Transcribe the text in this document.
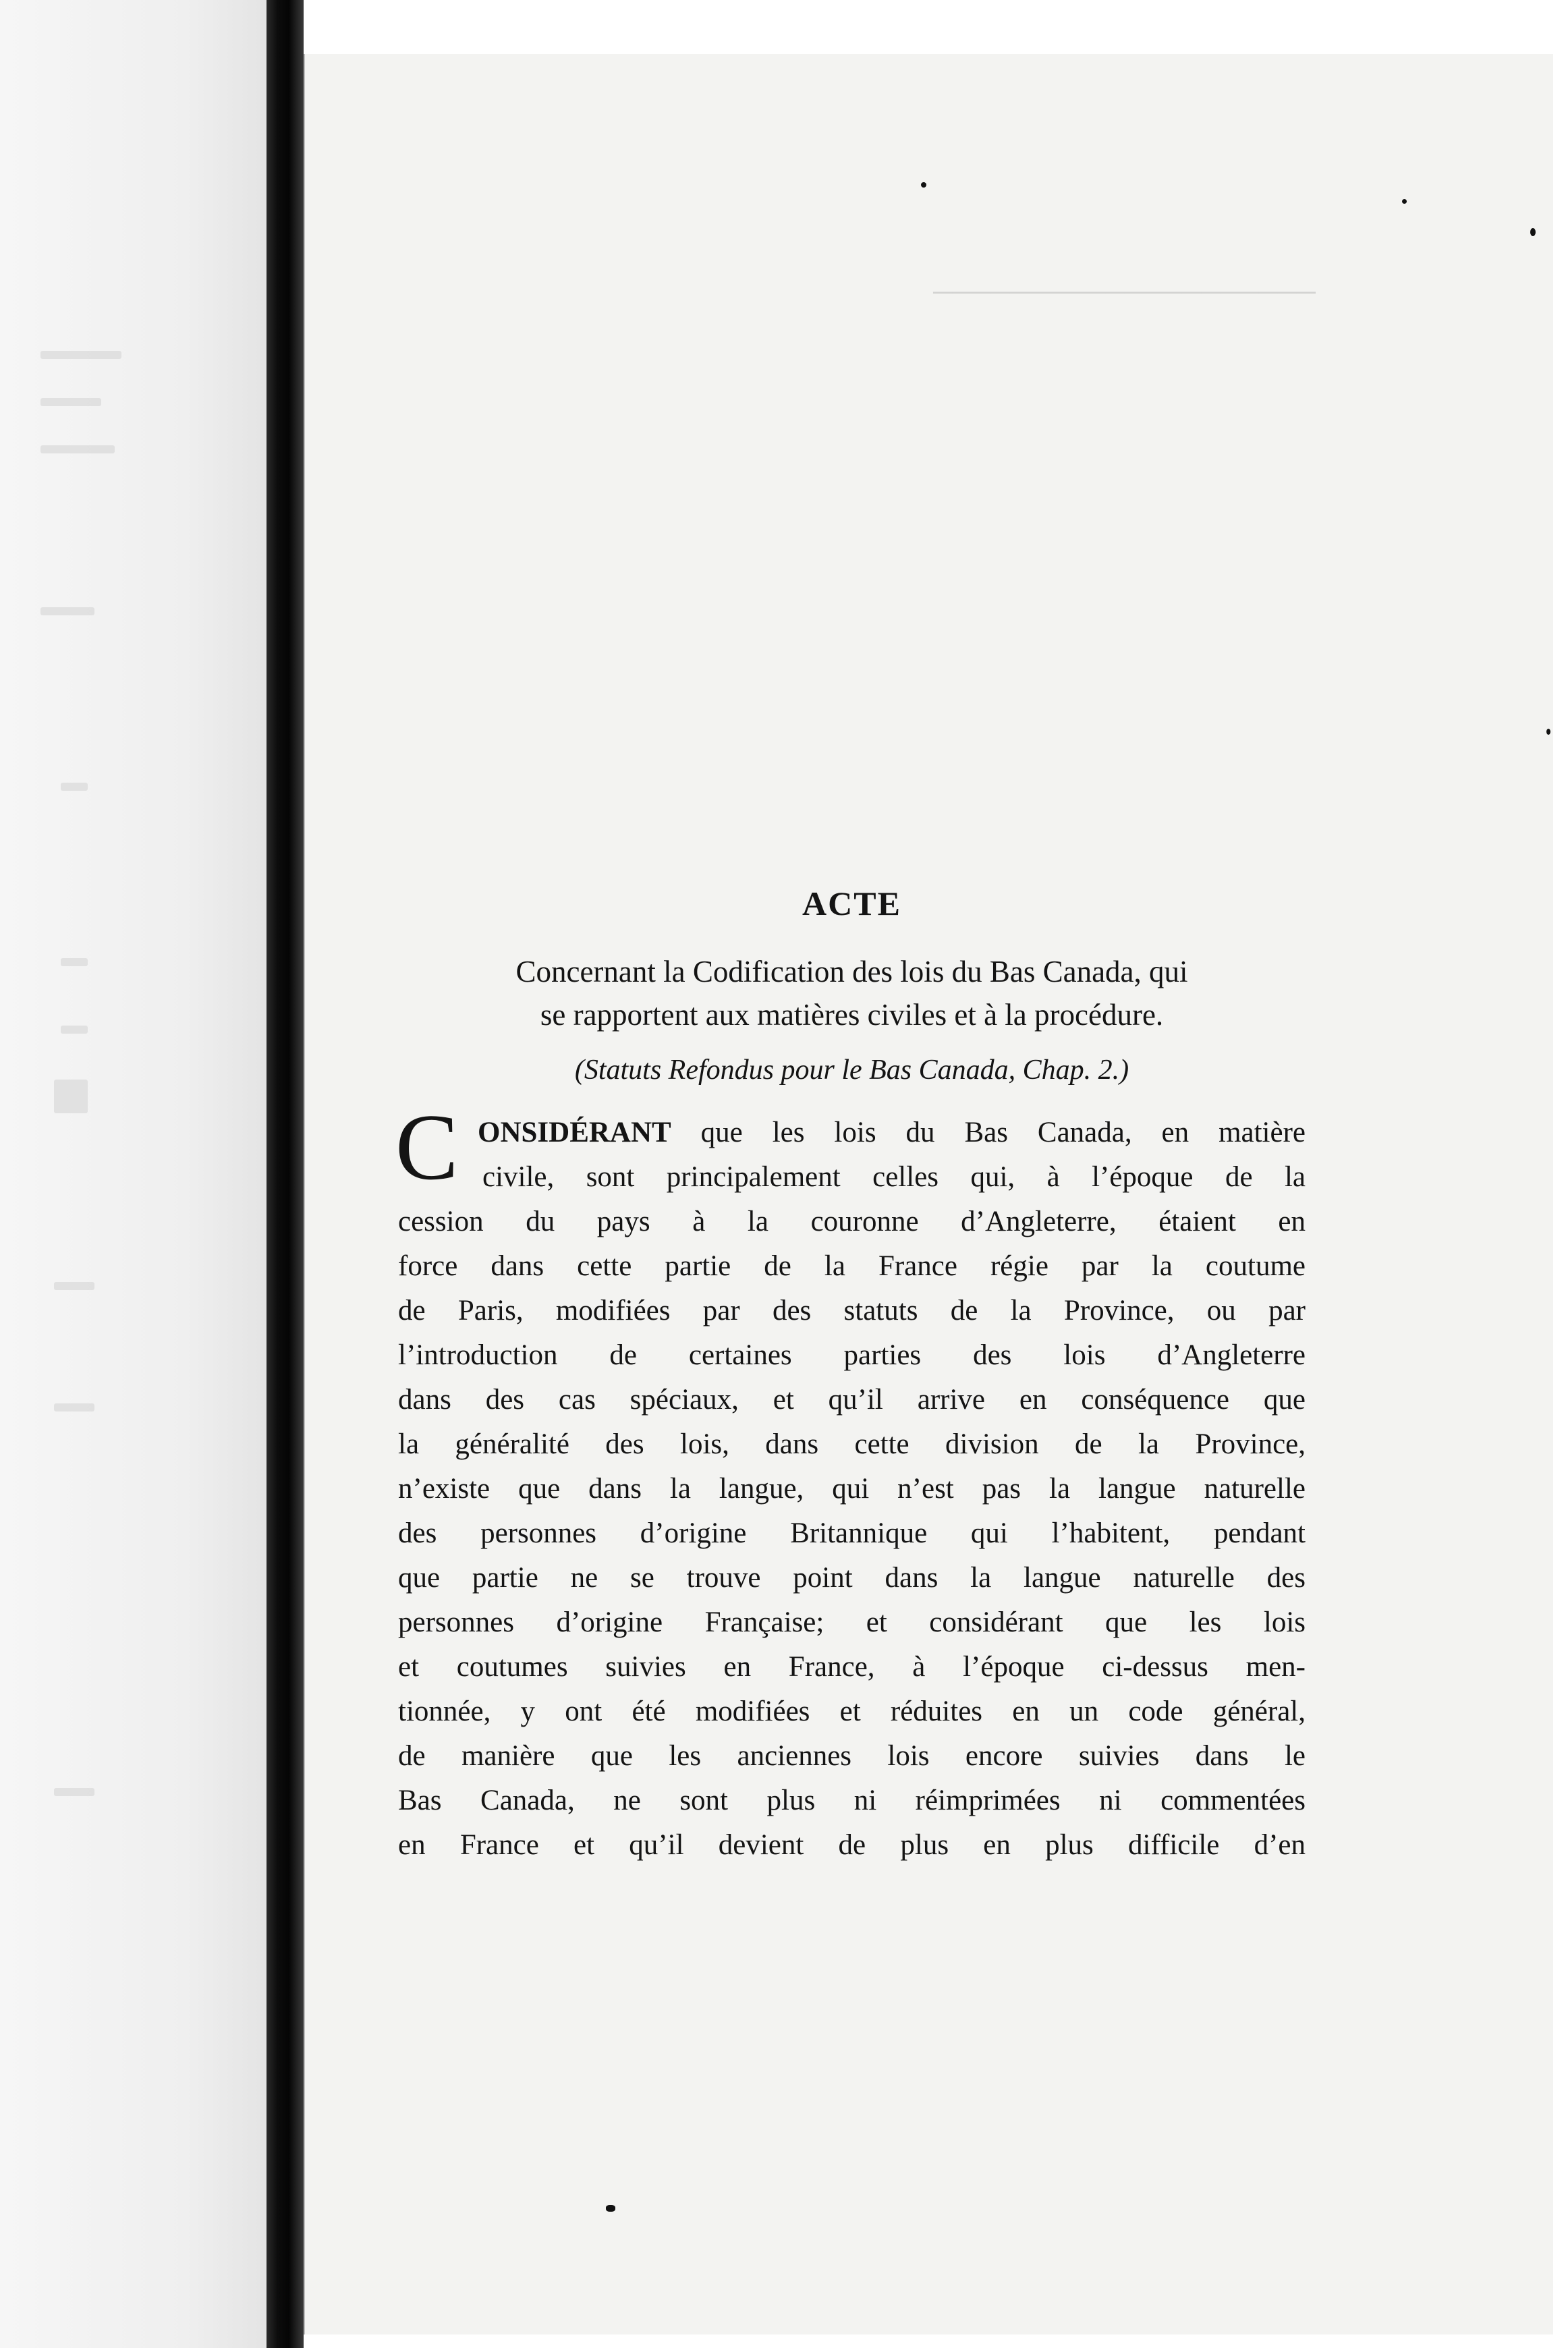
────────────────────
ACTE
Concernant la Codification des lois du Bas Canada, qui
se rapportent aux matières civiles et à la procédure.
(Statuts Refondus pour le Bas Canada, Chap. 2.)
C ONSIDÉRANT que les lois du Bas Canada, en matière
civile, sont principalement celles qui, à l’époque de la
cession du pays à la couronne d’Angleterre, étaient en
force dans cette partie de la France régie par la coutume
de Paris, modifiées par des statuts de la Province, ou par
l’introduction de certaines parties des lois d’Angleterre
dans des cas spéciaux, et qu’il arrive en conséquence que
la généralité des lois, dans cette division de la Province,
n’existe que dans la langue, qui n’est pas la langue naturelle
des personnes d’origine Britannique qui l’habitent, pendant
que partie ne se trouve point dans la langue naturelle des
personnes d’origine Française; et considérant que les lois
et coutumes suivies en France, à l’époque ci-dessus men-
tionnée, y ont été modifiées et réduites en un code général,
de manière que les anciennes lois encore suivies dans le
Bas Canada, ne sont plus ni réimprimées ni commentées
en France et qu’il devient de plus en plus difficile d’en
